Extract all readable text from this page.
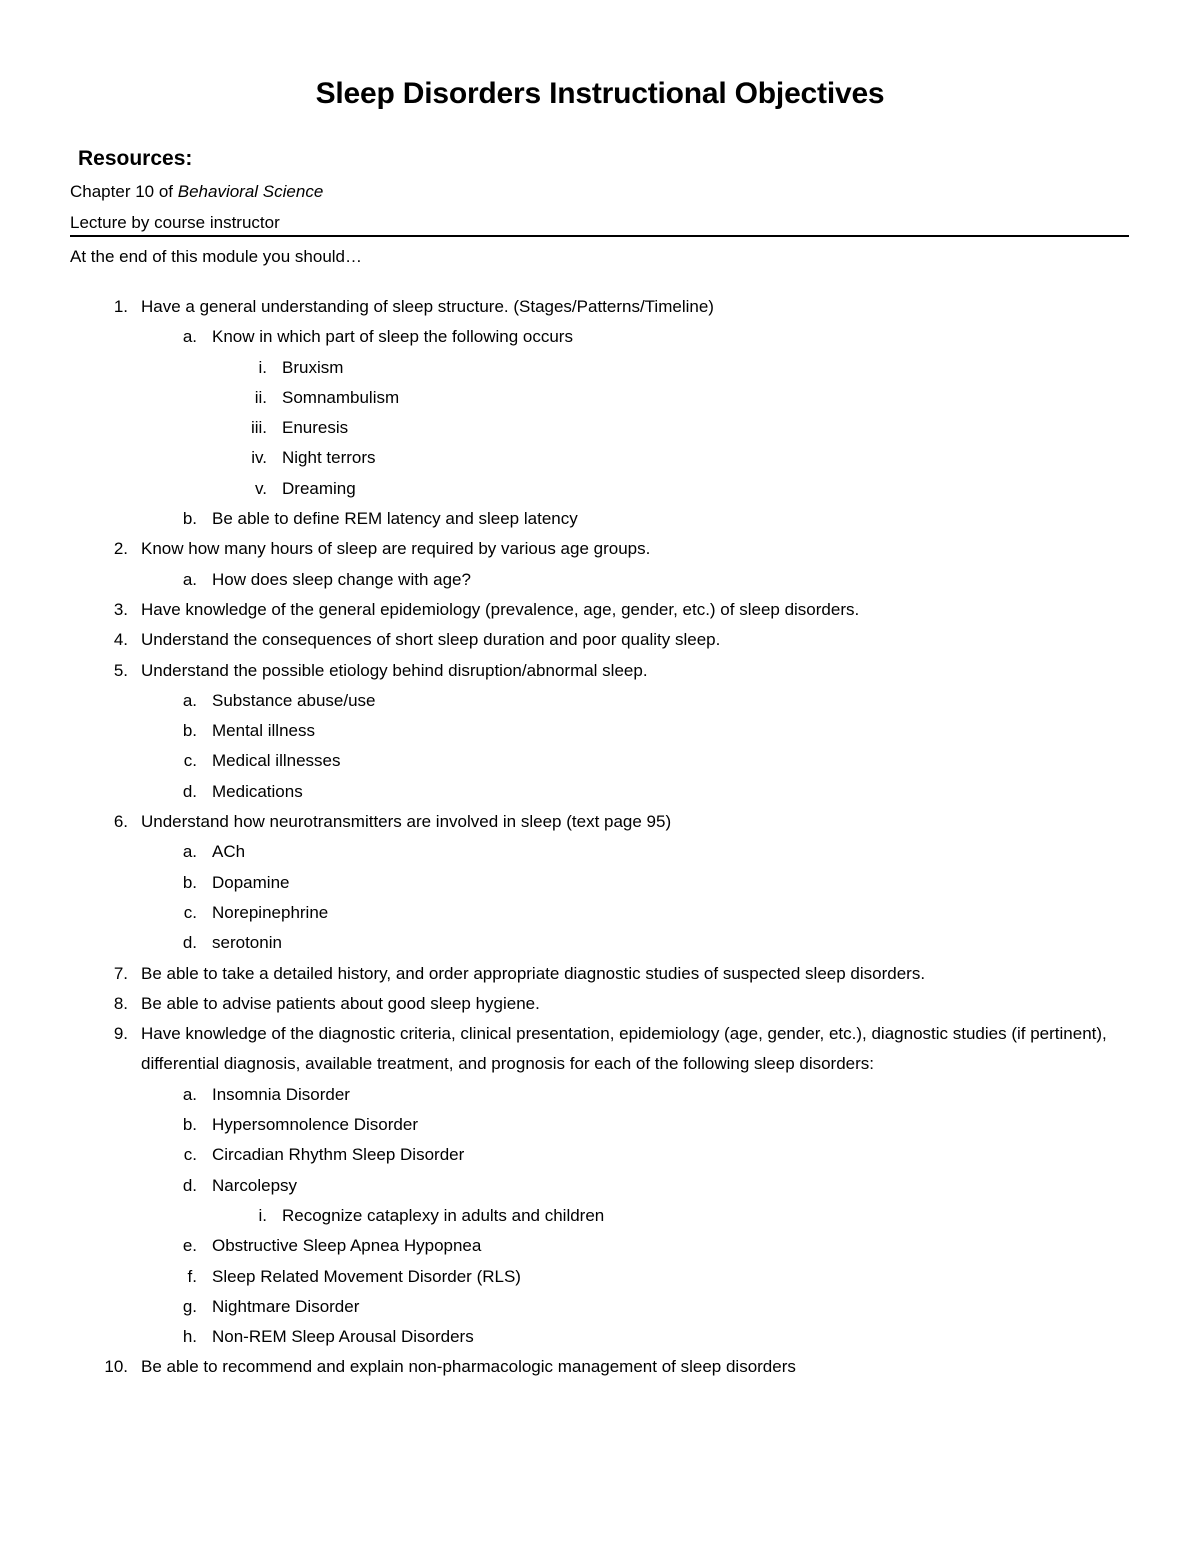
Sleep Disorders Instructional Objectives
Resources:
Chapter 10 of Behavioral Science
Lecture by course instructor
At the end of this module you should…
1. Have a general understanding of sleep structure. (Stages/Patterns/Timeline)
a. Know in which part of sleep the following occurs
i. Bruxism
ii. Somnambulism
iii. Enuresis
iv. Night terrors
v. Dreaming
b. Be able to define REM latency and sleep latency
2. Know how many hours of sleep are required by various age groups.
a. How does sleep change with age?
3. Have knowledge of the general epidemiology (prevalence, age, gender, etc.) of sleep disorders.
4. Understand the consequences of short sleep duration and poor quality sleep.
5. Understand the possible etiology behind disruption/abnormal sleep.
a. Substance abuse/use
b. Mental illness
c. Medical illnesses
d. Medications
6. Understand how neurotransmitters are involved in sleep (text page 95)
a. ACh
b. Dopamine
c. Norepinephrine
d. serotonin
7. Be able to take a detailed history, and order appropriate diagnostic studies of suspected sleep disorders.
8. Be able to advise patients about good sleep hygiene.
9. Have knowledge of the diagnostic criteria, clinical presentation, epidemiology (age, gender, etc.), diagnostic studies (if pertinent), differential diagnosis, available treatment, and prognosis for each of the following sleep disorders:
a. Insomnia Disorder
b. Hypersomnolence Disorder
c. Circadian Rhythm Sleep Disorder
d. Narcolepsy
i. Recognize cataplexy in adults and children
e. Obstructive Sleep Apnea Hypopnea
f. Sleep Related Movement Disorder (RLS)
g. Nightmare Disorder
h. Non-REM Sleep Arousal Disorders
10. Be able to recommend and explain non-pharmacologic management of sleep disorders
